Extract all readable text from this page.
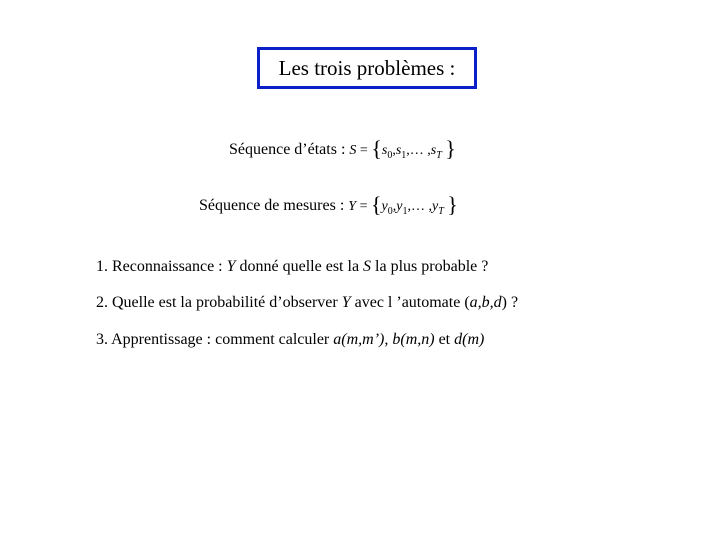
Les trois problèmes :
Séquence d’états : $S = \{s_0,s_1,\dots$ $,s_T$ }
Séquence de mesures : $Y = \{y_0,y_1,\dots$ $,y_T$ }
1. Reconnaissance : Y donné quelle est la S la plus probable ?
2. Quelle est la probabilité d’observer Y avec l ’automate (a,b,d) ?
3. Apprentissage : comment calculer a(m,m’), b(m,n) et d(m)
